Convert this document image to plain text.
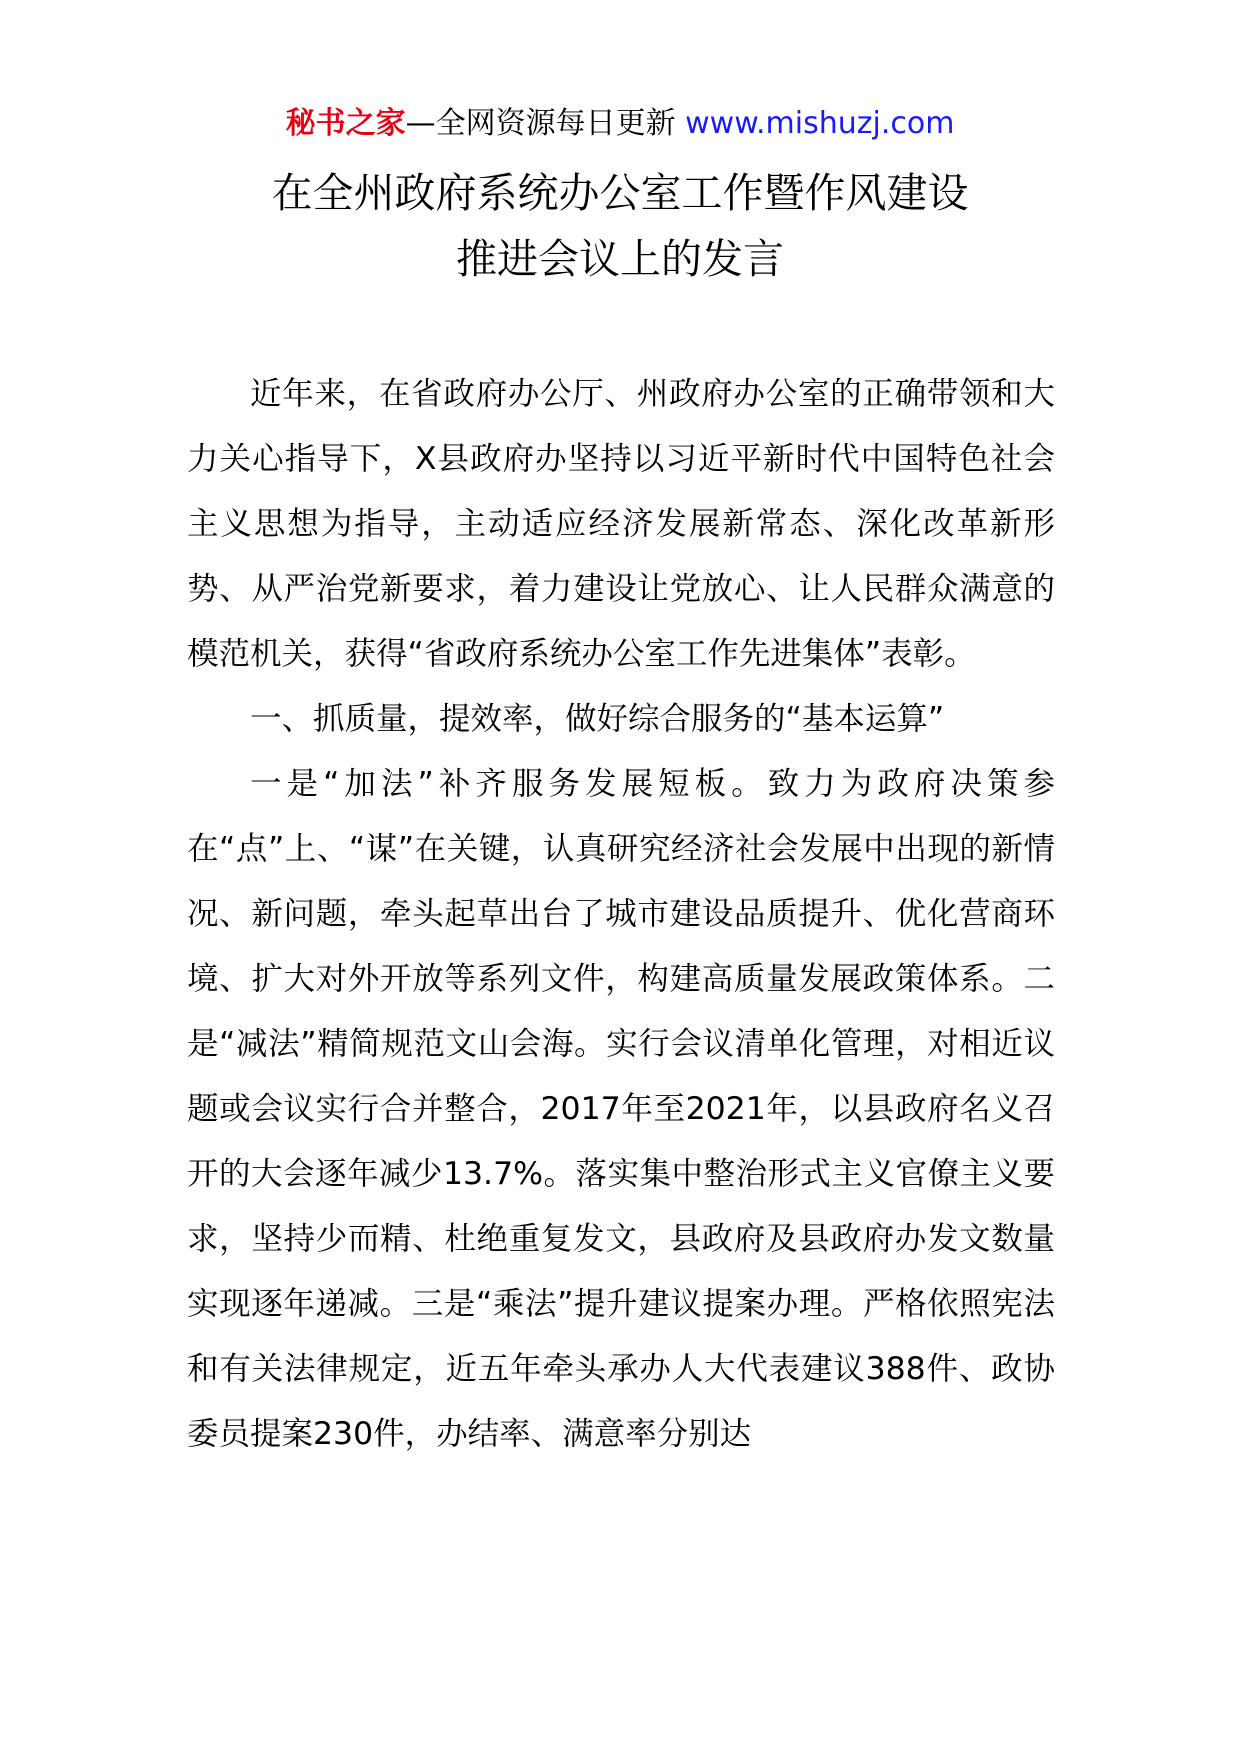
秘书之家—全网资源每日更新 www.mishuzj.com
在全州政府系统办公室工作暨作风建设
推进会议上的发言

近年来，在省政府办公厅、州政府办公室的正确带领和大力关心指导下，X县政府办坚持以习近平新时代中国特色社会主义思想为指导，主动适应经济发展新常态、深化改革新形势、从严治党新要求，着力建设让党放心、让人民群众满意的模范机关，获得“省政府系统办公室工作先进集体”表彰。

一、抓质量，提效率，做好综合服务的“基本运算”

一是“加法”补齐服务发展短板。致力为政府决策参在“点”上、“谋”在关键，认真研究经济社会发展中出现的新情况、新问题，牵头起草出台了城市建设品质提升、优化营商环境、扩大对外开放等系列文件，构建高质量发展政策体系。二是“减法”精简规范文山会海。实行会议清单化管理，对相近议题或会议实行合并整合，2017年至2021年，以县政府名义召开的大会逐年减少13.7%。落实集中整治形式主义官僚主义要求，坚持少而精、杜绝重复发文，县政府及县政府办发文数量实现逐年递减。三是“乘法”提升建议提案办理。严格依照宪法和有关法律规定，近五年牵头承办人大代表建议388件、政协委员提案230件，办结率、满意率分别达
